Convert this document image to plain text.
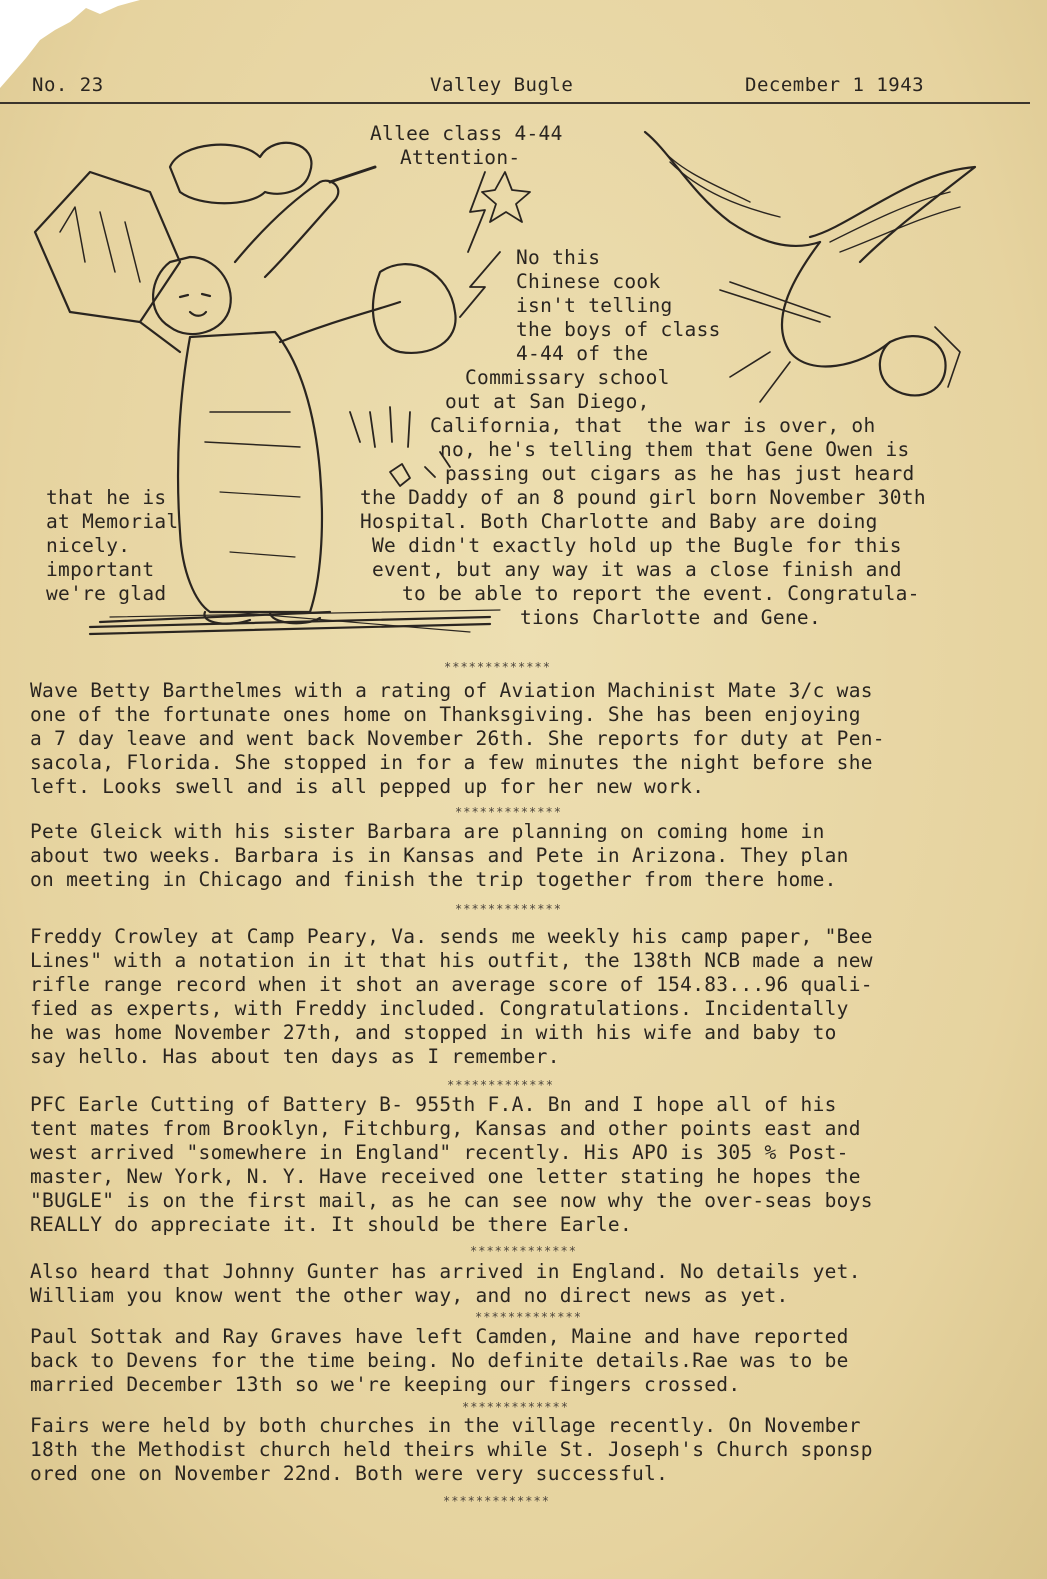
No. 23	Valley Bugle	December 1 1943
Allee class 4-44
Attention-
No this
Chinese cook
isn't telling
the boys of class
4-44 of the
Commissary school
out at San Diego,
California, that  the war is over, oh
no, he's telling them that Gene Owen is
passing out cigars as he has just heard
the Daddy of an 8 pound girl born November 30th
Hospital. Both Charlotte and Baby are doing
We didn't exactly hold up the Bugle for this
event, but any way it was a close finish and
to be able to report the event. Congratula-
tions Charlotte and Gene.
that he is
at Memorial
nicely.
important
we're glad
*************
*************
*************
*************
*************
*************
*************
*************
Wave Betty Barthelmes with a rating of Aviation Machinist Mate 3/c was
one of the fortunate ones home on Thanksgiving. She has been enjoying
a 7 day leave and went back November 26th. She reports for duty at Pen-
sacola, Florida. She stopped in for a few minutes the night before she
left. Looks swell and is all pepped up for her new work.
Pete Gleick with his sister Barbara are planning on coming home in
about two weeks. Barbara is in Kansas and Pete in Arizona. They plan
on meeting in Chicago and finish the trip together from there home.
Freddy Crowley at Camp Peary, Va. sends me weekly his camp paper, "Bee
Lines" with a notation in it that his outfit, the 138th NCB made a new
rifle range record when it shot an average score of 154.83...96 quali-
fied as experts, with Freddy included. Congratulations. Incidentally
he was home November 27th, and stopped in with his wife and baby to
say hello. Has about ten days as I remember.
PFC Earle Cutting of Battery B- 955th F.A. Bn and I hope all of his
tent mates from Brooklyn, Fitchburg, Kansas and other points east and
west arrived "somewhere in England" recently. His APO is 305 % Post-
master, New York, N. Y. Have received one letter stating he hopes the
"BUGLE" is on the first mail, as he can see now why the over-seas boys
REALLY do appreciate it. It should be there Earle.
Also heard that Johnny Gunter has arrived in England. No details yet.
William you know went the other way, and no direct news as yet.
Paul Sottak and Ray Graves have left Camden, Maine and have reported
back to Devens for the time being. No definite details.Rae was to be
married December 13th so we're keeping our fingers crossed.
Fairs were held by both churches in the village recently. On November
18th the Methodist church held theirs while St. Joseph's Church sponsp
ored one on November 22nd. Both were very successful.
